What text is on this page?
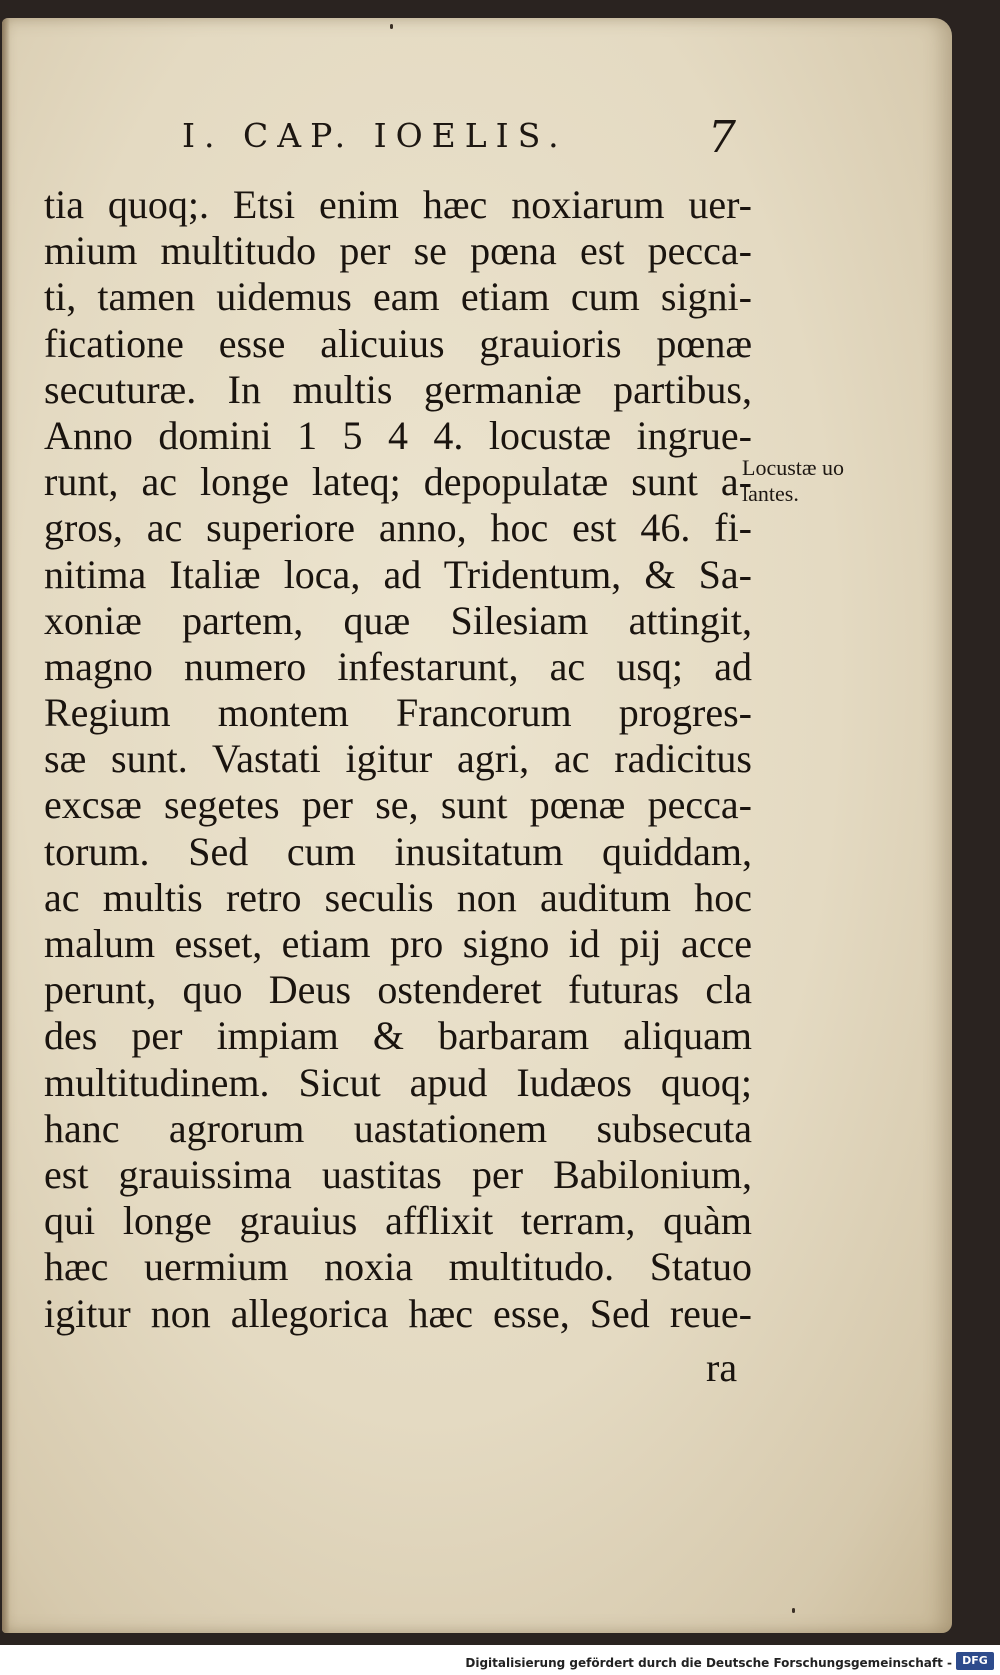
I. CAP. IOELIS.	7
tia quoq;. Etsi enim hæc noxiarum uer-
mium multitudo per se pœna est pecca-
ti, tamen uidemus eam etiam cum signi-
ficatione esse alicuius grauioris pœnæ
secuturæ. In multis germaniæ partibus,
Anno domini 1 5 4 4. locustæ ingrue-
runt, ac longe lateq; depopulatæ sunt a-
gros, ac superiore anno, hoc est 46. fi-
nitima Italiæ loca, ad Tridentum, & Sa-
xoniæ partem, quæ Silesiam attingit,
magno numero infestarunt, ac usq; ad
Regium montem Francorum progres-
sæ sunt. Vastati igitur agri, ac radicitus
excsæ segetes per se, sunt pœnæ pecca-
torum. Sed cum inusitatum quiddam,
ac multis retro seculis non auditum hoc
malum esset, etiam pro signo id pij acce
perunt, quo Deus ostenderet futuras cla
des per impiam & barbaram aliquam
multitudinem. Sicut apud Iudæos quoq;
hanc agrorum uastationem subsecuta
est grauissima uastitas per Babilonium,
qui longe grauius afflixit terram, quàm
hæc uermium noxia multitudo. Statuo
igitur non allegorica hæc esse, Sed reue-
ra
Locustæ uo
lantes.
Digitalisierung gefördert durch die Deutsche Forschungsgemeinschaft - DFG
